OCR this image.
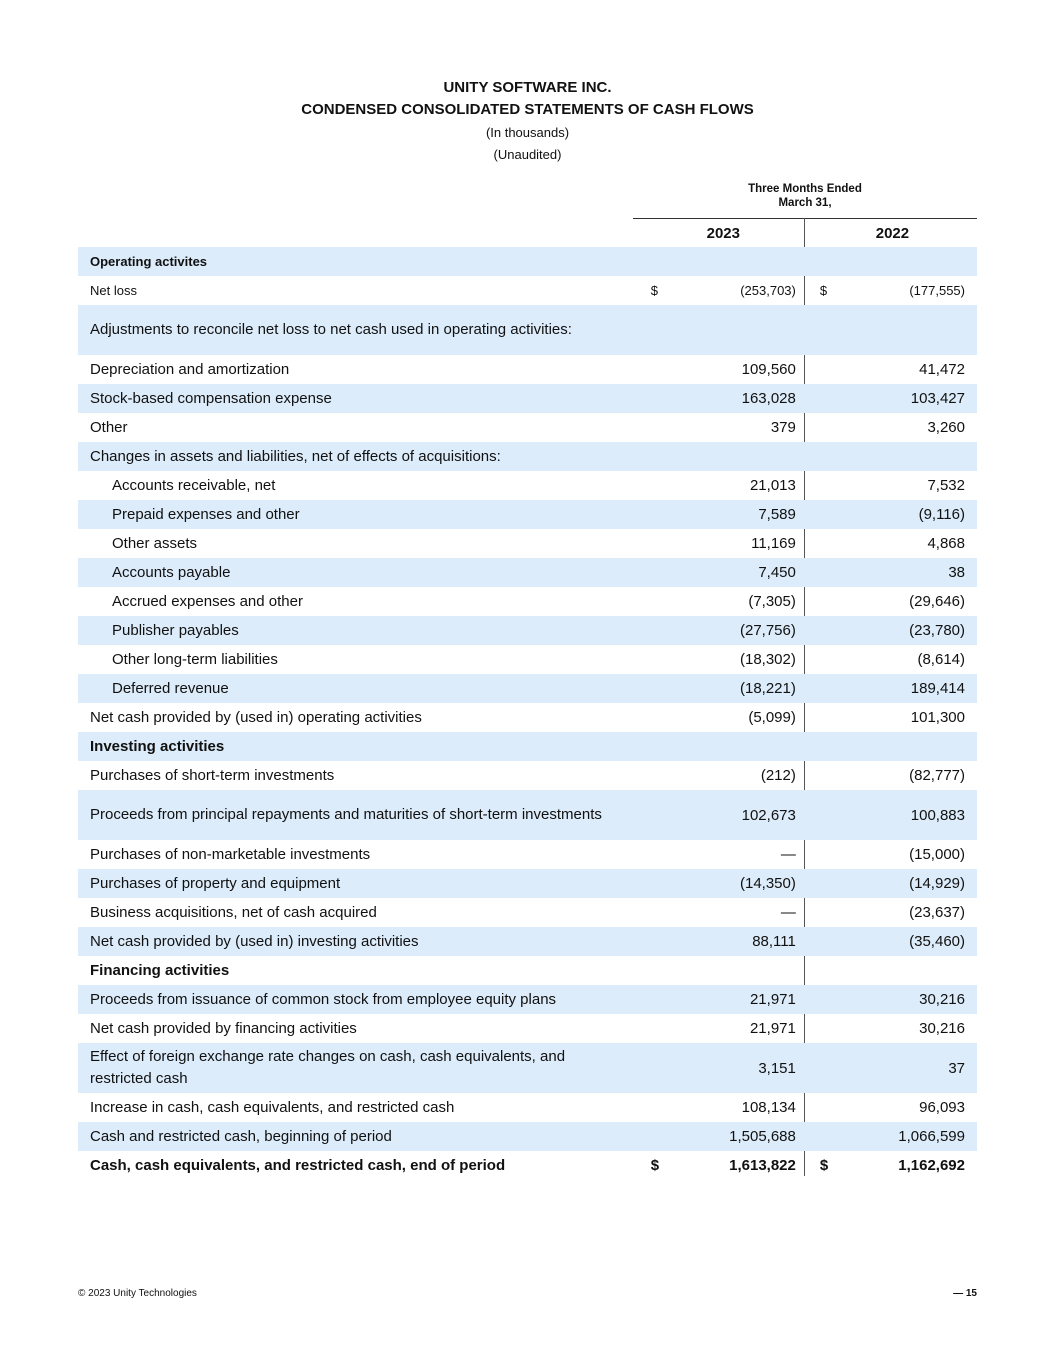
UNITY SOFTWARE INC.
CONDENSED CONSOLIDATED STATEMENTS OF CASH FLOWS
(In thousands)
(Unaudited)
Three Months Ended March 31,
	2023	2022
Operating activites	

Net loss	$ (253,703)	$ (177,555)

Adjustments to reconcile net loss to net cash used in operating activities:	

Depreciation and amortization	109,560	41,472

Stock-based compensation expense	163,028	103,427

Other	379	3,260

Changes in assets and liabilities, net of effects of acquisitions:	

Accounts receivable, net	21,013	7,532

Prepaid expenses and other	7,589	(9,116)

Other assets	11,169	4,868

Accounts payable	7,450	38

Accrued expenses and other	(7,305)	(29,646)

Publisher payables	(27,756)	(23,780)

Other long-term liabilities	(18,302)	(8,614)

Deferred revenue	(18,221)	189,414

Net cash provided by (used in) operating activities	(5,099)	101,300

Investing activities	

Purchases of short-term investments	(212)	(82,777)

Proceeds from principal repayments and maturities of short-term investments	102,673	100,883

Purchases of non-marketable investments	—	(15,000)

Purchases of property and equipment	(14,350)	(14,929)

Business acquisitions, net of cash acquired	—	(23,637)

Net cash provided by (used in) investing activities	88,111	(35,460)

Financing activities	

Proceeds from issuance of common stock from employee equity plans	21,971	30,216

Net cash provided by financing activities	21,971	30,216

Effect of foreign exchange rate changes on cash, cash equivalents, and restricted cash	3,151	37

Increase in cash, cash equivalents, and restricted cash	108,134	96,093

Cash and restricted cash, beginning of period	1,505,688	1,066,599

Cash, cash equivalents, and restricted cash, end of period	$ 1,613,822	$ 1,162,692
© 2023 Unity Technologies	— 15
